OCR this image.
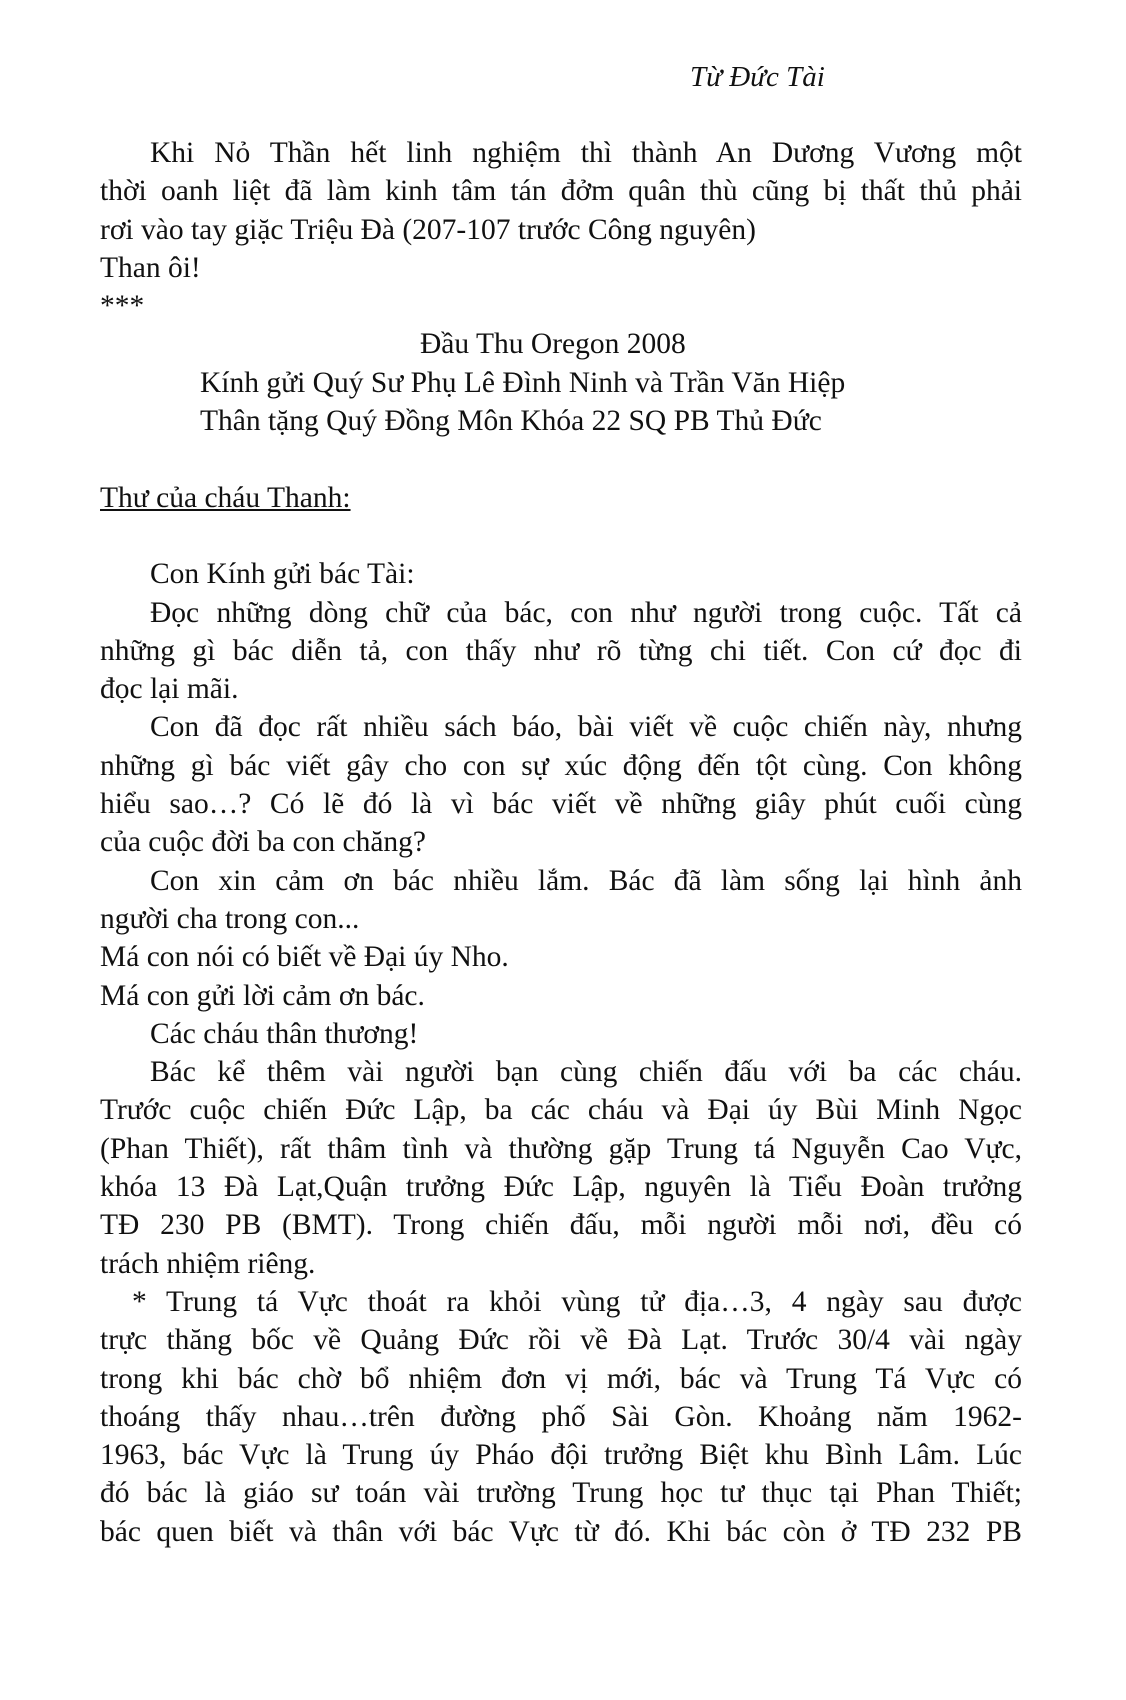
Từ Đức Tài
Khi Nỏ Thần hết linh nghiệm thì thành An Dương Vương một
thời oanh liệt đã làm kinh tâm tán đởm quân thù cũng bị thất thủ phải
rơi vào tay giặc Triệu Đà (207-107 trước Công nguyên)
Than ôi!
***
Đầu Thu Oregon 2008
Kính gửi Quý Sư Phụ Lê Đình Ninh và Trần Văn Hiệp
Thân tặng Quý Đồng Môn Khóa 22 SQ PB Thủ Đức
Thư của cháu Thanh:
Con Kính gửi bác Tài:
Đọc những dòng chữ của bác, con như người trong cuộc. Tất cả
những gì bác diễn tả, con thấy như rõ từng chi tiết. Con cứ đọc đi
đọc lại mãi.
Con đã đọc rất nhiều sách báo, bài viết về cuộc chiến này, nhưng
những gì bác viết gây cho con sự xúc động đến tột cùng. Con không
hiểu sao…? Có lẽ đó là vì bác viết về những giây phút cuối cùng
của cuộc đời ba con chăng?
Con xin cảm ơn bác nhiều lắm. Bác đã làm sống lại hình ảnh
người cha trong con...
Má con nói có biết về Đại úy Nho.
Má con gửi lời cảm ơn bác.
Các cháu thân thương!
Bác kể thêm vài người bạn cùng chiến đấu với ba các cháu.
Trước cuộc chiến Đức Lập, ba các cháu và Đại úy Bùi Minh Ngọc
(Phan Thiết), rất thâm tình và thường gặp Trung tá Nguyễn Cao Vực,
khóa 13 Đà Lạt,Quận trưởng Đức Lập, nguyên là Tiểu Đoàn trưởng
TĐ 230 PB (BMT). Trong chiến đấu, mỗi người mỗi nơi, đều có
trách nhiệm riêng.
* Trung tá Vực thoát ra khỏi vùng tử địa…3, 4 ngày sau được
trực thăng bốc về Quảng Đức rồi về Đà Lạt. Trước 30/4 vài ngày
trong khi bác chờ bổ nhiệm đơn vị mới, bác và Trung Tá Vực có
thoáng thấy nhau…trên đường phố Sài Gòn. Khoảng năm 1962-
1963, bác Vực là Trung úy Pháo đội trưởng Biệt khu Bình Lâm. Lúc
đó bác là giáo sư toán vài trường Trung học tư thục tại Phan Thiết;
bác quen biết và thân với bác Vực từ đó. Khi bác còn ở TĐ 232 PB
